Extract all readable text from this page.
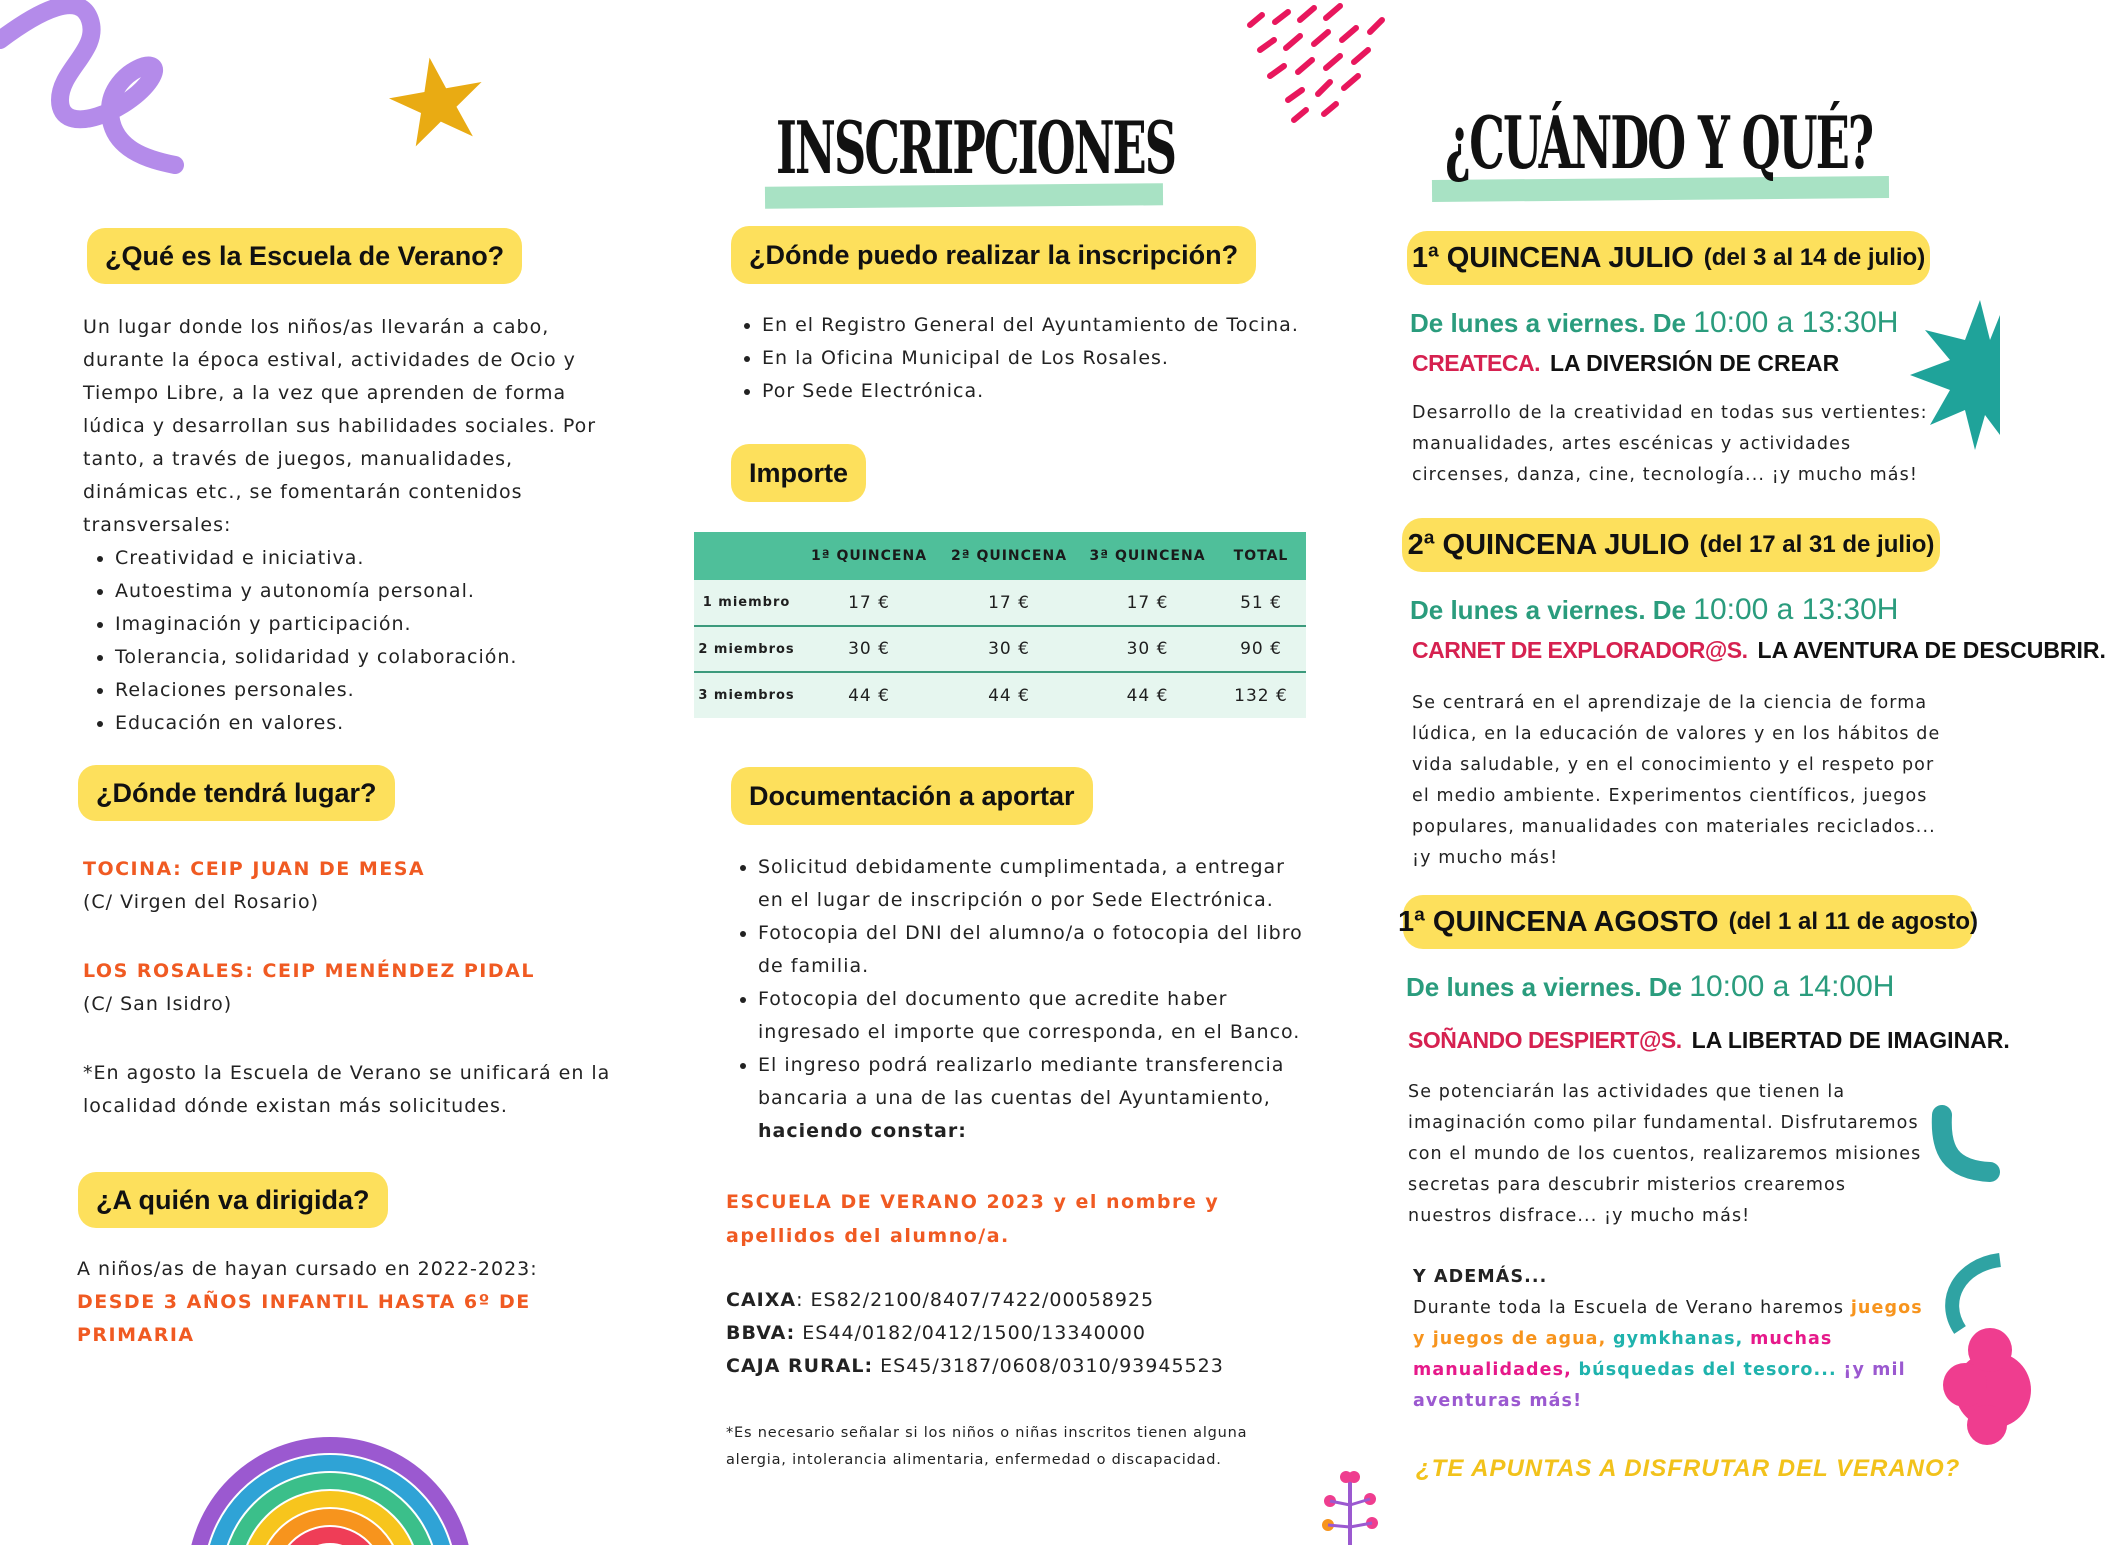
¿Qué es la Escuela de Verano?

Un lugar donde los niños/as llevarán a cabo, durante la época estival, actividades de Ocio y Tiempo Libre, a la vez que aprenden de forma lúdica y desarrollan sus habilidades sociales. Por tanto, a través de juegos, manualidades, dinámicas etc., se fomentarán contenidos transversales:

• Creatividad e iniciativa.
• Autoestima y autonomía personal.
• Imaginación y participación.
• Tolerancia, solidaridad y colaboración.
• Relaciones personales.
• Educación en valores.
¿Dónde tendrá lugar?
TOCINA: CEIP JUAN DE MESA
(C/ Virgen del Rosario)
LOS ROSALES: CEIP MENÉNDEZ PIDAL
(C/ San Isidro)
*En agosto la Escuela de Verano se unificará en la localidad dónde existan más solicitudes.
¿A quién va dirigida?
A niños/as de hayan cursado en 2022-2023:
DESDE 3 AÑOS INFANTIL HASTA 6º DE PRIMARIA
INSCRIPCIONES
¿Dónde puedo realizar la inscripción?
• En el Registro General del Ayuntamiento de Tocina.
• En la Oficina Municipal de Los Rosales.
• Por Sede Electrónica.
Importe
	1ª QUINCENA	2ª QUINCENA	3ª QUINCENA	TOTAL
1 miembro	17 €	17 €	17 €	51 €
2 miembros	30 €	30 €	30 €	90 €
3 miembros	44 €	44 €	44 €	132 €
Documentación a aportar
• Solicitud debidamente cumplimentada, a entregar en el lugar de inscripción o por Sede Electrónica.
• Fotocopia del DNI del alumno/a o fotocopia del libro de familia.
• Fotocopia del documento que acredite haber ingresado el importe que corresponda, en el Banco.
• El ingreso podrá realizarlo mediante transferencia bancaria a una de las cuentas del Ayuntamiento, haciendo constar:
ESCUELA DE VERANO 2023 y el nombre y apellidos del alumno/a.
CAIXA: ES82/2100/8407/7422/00058925
BBVA: ES44/0182/0412/1500/13340000
CAJA RURAL: ES45/3187/0608/0310/93945523
*Es necesario señalar si los niños o niñas inscritos tienen alguna alergia, intolerancia alimentaria, enfermedad o discapacidad.
¿CUÁNDO Y QUÉ?
1ª QUINCENA JULIO (del 3 al 14 de julio)
De lunes a viernes. De 10:00 a 13:30H
CREATECA. LA DIVERSIÓN DE CREAR
Desarrollo de la creatividad en todas sus vertientes: manualidades, artes escénicas y actividades circenses, danza, cine, tecnología... ¡y mucho más!
2ª QUINCENA JULIO (del 17 al 31 de julio)
De lunes a viernes. De 10:00 a 13:30H
CARNET DE EXPLORADOR@S. LA AVENTURA DE DESCUBRIR.
Se centrará en el aprendizaje de la ciencia de forma lúdica, en la educación de valores y en los hábitos de vida saludable, y en el conocimiento y el respeto por el medio ambiente. Experimentos científicos, juegos populares, manualidades con materiales reciclados... ¡y mucho más!
1ª QUINCENA AGOSTO (del 1 al 11 de agosto)
De lunes a viernes. De 10:00 a 14:00H
SOÑANDO DESPIERT@S. LA LIBERTAD DE IMAGINAR.
Se potenciarán las actividades que tienen la imaginación como pilar fundamental. Disfrutaremos con el mundo de los cuentos, realizaremos misiones secretas para descubrir misterios crearemos nuestros disfrace... ¡y mucho más!
Y ADEMÁS...
Durante toda la Escuela de Verano haremos juegos y juegos de agua, gymkhanas, muchas manualidades, búsquedas del tesoro... ¡y mil aventuras más!
¿TE APUNTAS A DISFRUTAR DEL VERANO?
